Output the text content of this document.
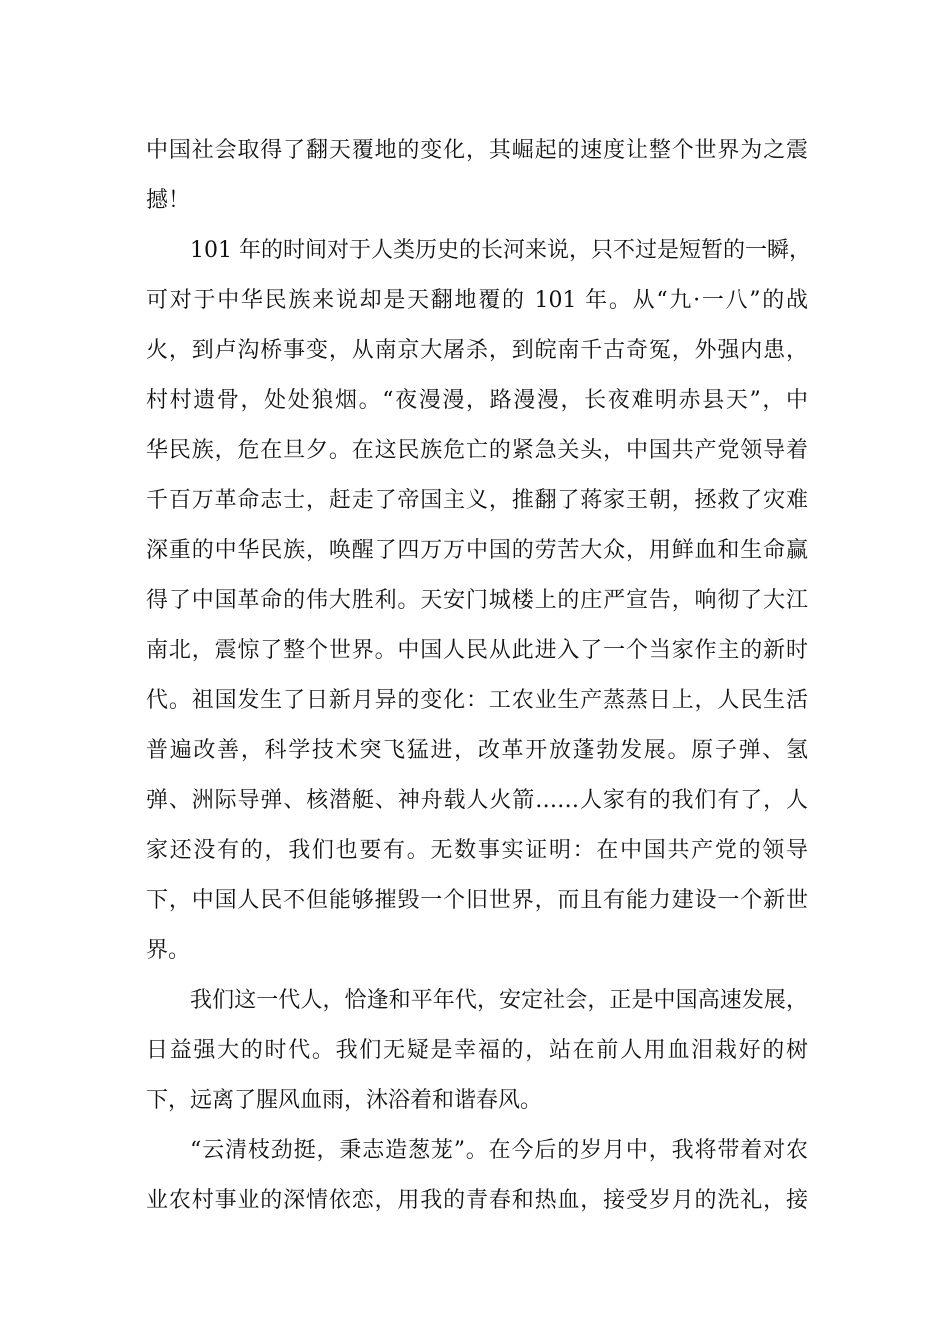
中国社会取得了翻天覆地的变化，其崛起的速度让整个世界为之震
撼！

101 年的时间对于人类历史的长河来说，只不过是短暂的一瞬，
可对于中华民族来说却是天翻地覆的 101 年。从“九·一八”的战
火，到卢沟桥事变，从南京大屠杀，到皖南千古奇冤，外强内患，
村村遗骨，处处狼烟。“夜漫漫，路漫漫，长夜难明赤县天”，中
华民族，危在旦夕。在这民族危亡的紧急关头，中国共产党领导着
千百万革命志士，赶走了帝国主义，推翻了蒋家王朝，拯救了灾难
深重的中华民族，唤醒了四万万中国的劳苦大众，用鲜血和生命赢
得了中国革命的伟大胜利。天安门城楼上的庄严宣告，响彻了大江
南北，震惊了整个世界。中国人民从此进入了一个当家作主的新时
代。祖国发生了日新月异的变化：工农业生产蒸蒸日上，人民生活
普遍改善，科学技术突飞猛进，改革开放蓬勃发展。原子弹、氢
弹、洲际导弹、核潜艇、神舟载人火箭……人家有的我们有了，人
家还没有的，我们也要有。无数事实证明：在中国共产党的领导
下，中国人民不但能够摧毁一个旧世界，而且有能力建设一个新世
界。

我们这一代人，恰逢和平年代，安定社会，正是中国高速发展，
日益强大的时代。我们无疑是幸福的，站在前人用血泪栽好的树
下，远离了腥风血雨，沐浴着和谐春风。

“云清枝劲挺，秉志造葱茏”。在今后的岁月中，我将带着对农
业农村事业的深情依恋，用我的青春和热血，接受岁月的洗礼，接
